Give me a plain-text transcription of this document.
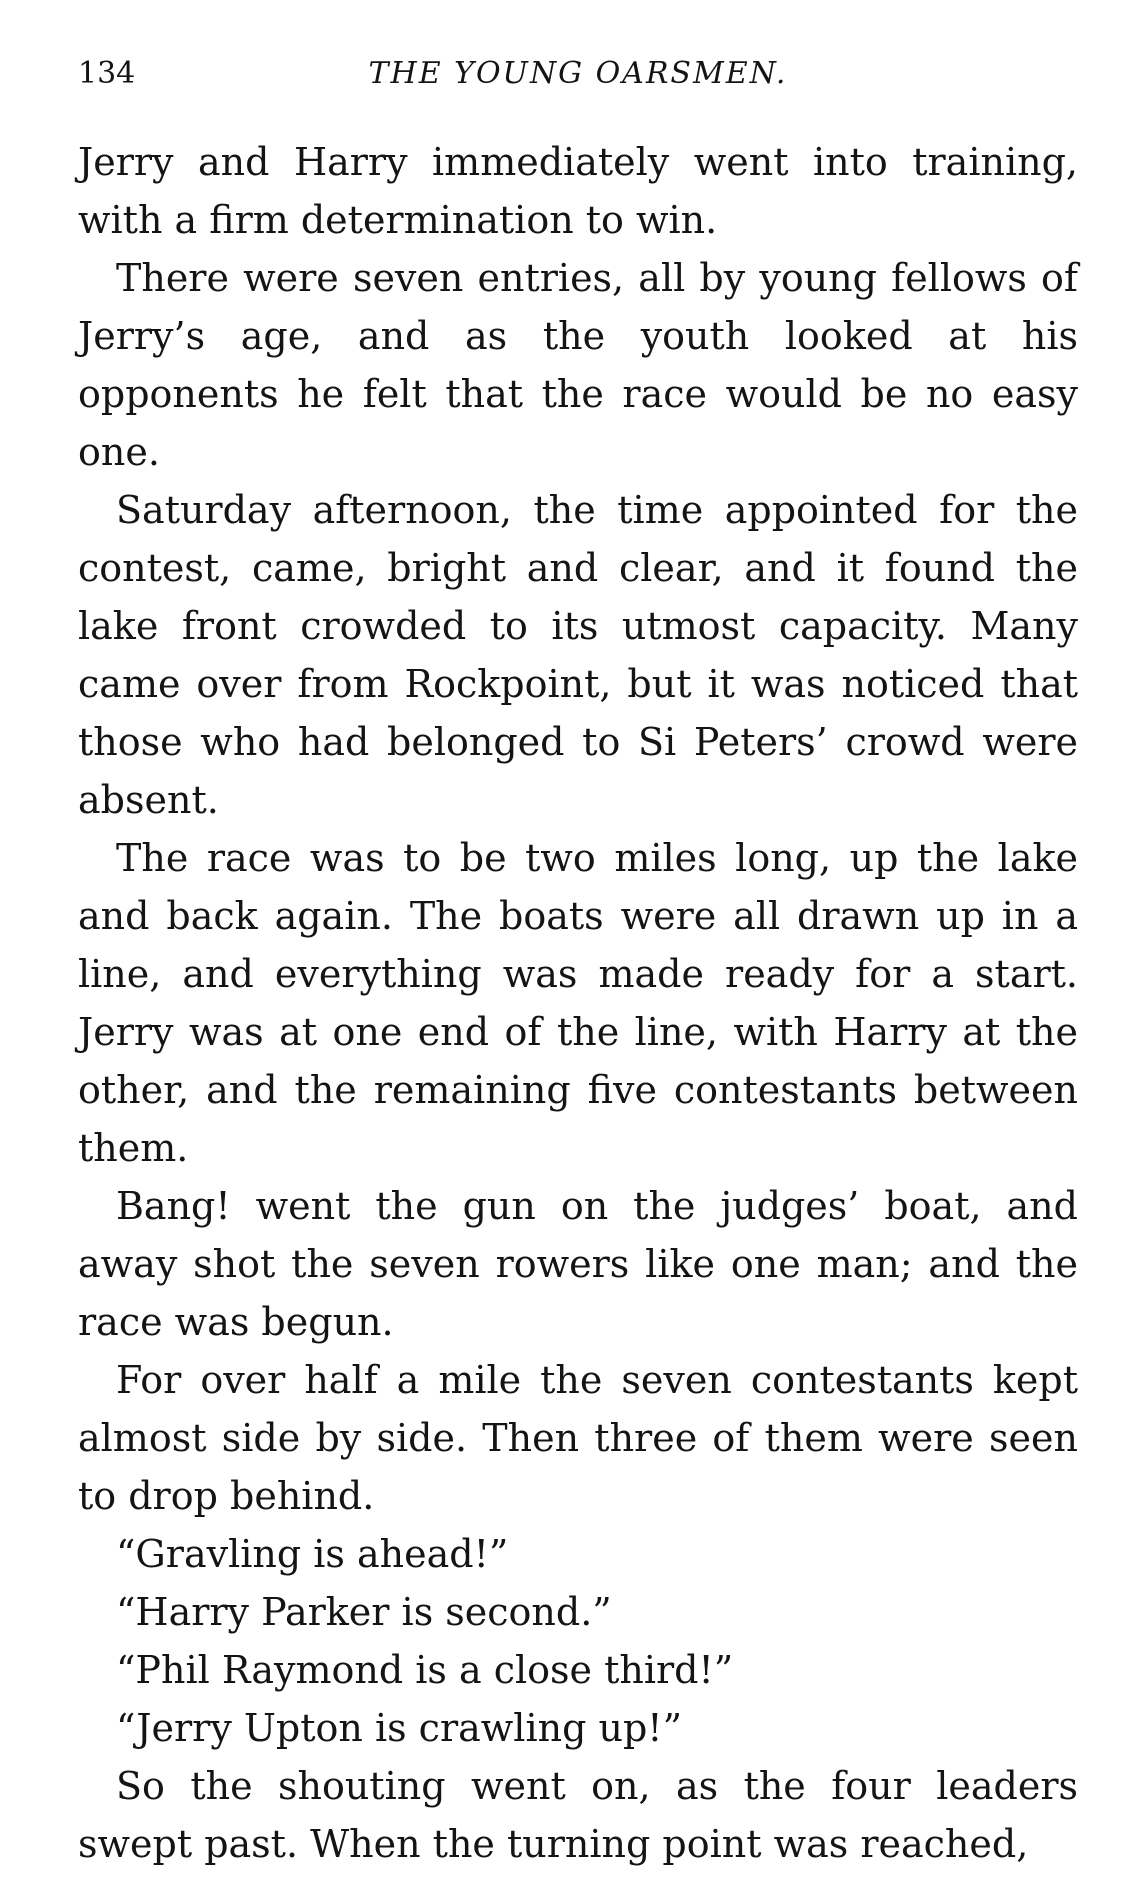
134	THE YOUNG OARSMEN.

Jerry and Harry immediately went into training, with a firm determination to win.

There were seven entries, all by young fellows of Jerry’s age, and as the youth looked at his opponents he felt that the race would be no easy one.

Saturday afternoon, the time appointed for the contest, came, bright and clear, and it found the lake front crowded to its utmost capacity. Many came over from Rockpoint, but it was noticed that those who had belonged to Si Peters’ crowd were absent.

The race was to be two miles long, up the lake and back again. The boats were all drawn up in a line, and everything was made ready for a start. Jerry was at one end of the line, with Harry at the other, and the remaining five contestants between them.

Bang! went the gun on the judges’ boat, and away shot the seven rowers like one man; and the race was begun.

For over half a mile the seven contestants kept almost side by side. Then three of them were seen to drop behind.

“Gravling is ahead!”

“Harry Parker is second.”

“Phil Raymond is a close third!”

“Jerry Upton is crawling up!”

So the shouting went on, as the four leaders swept past. When the turning point was reached,
